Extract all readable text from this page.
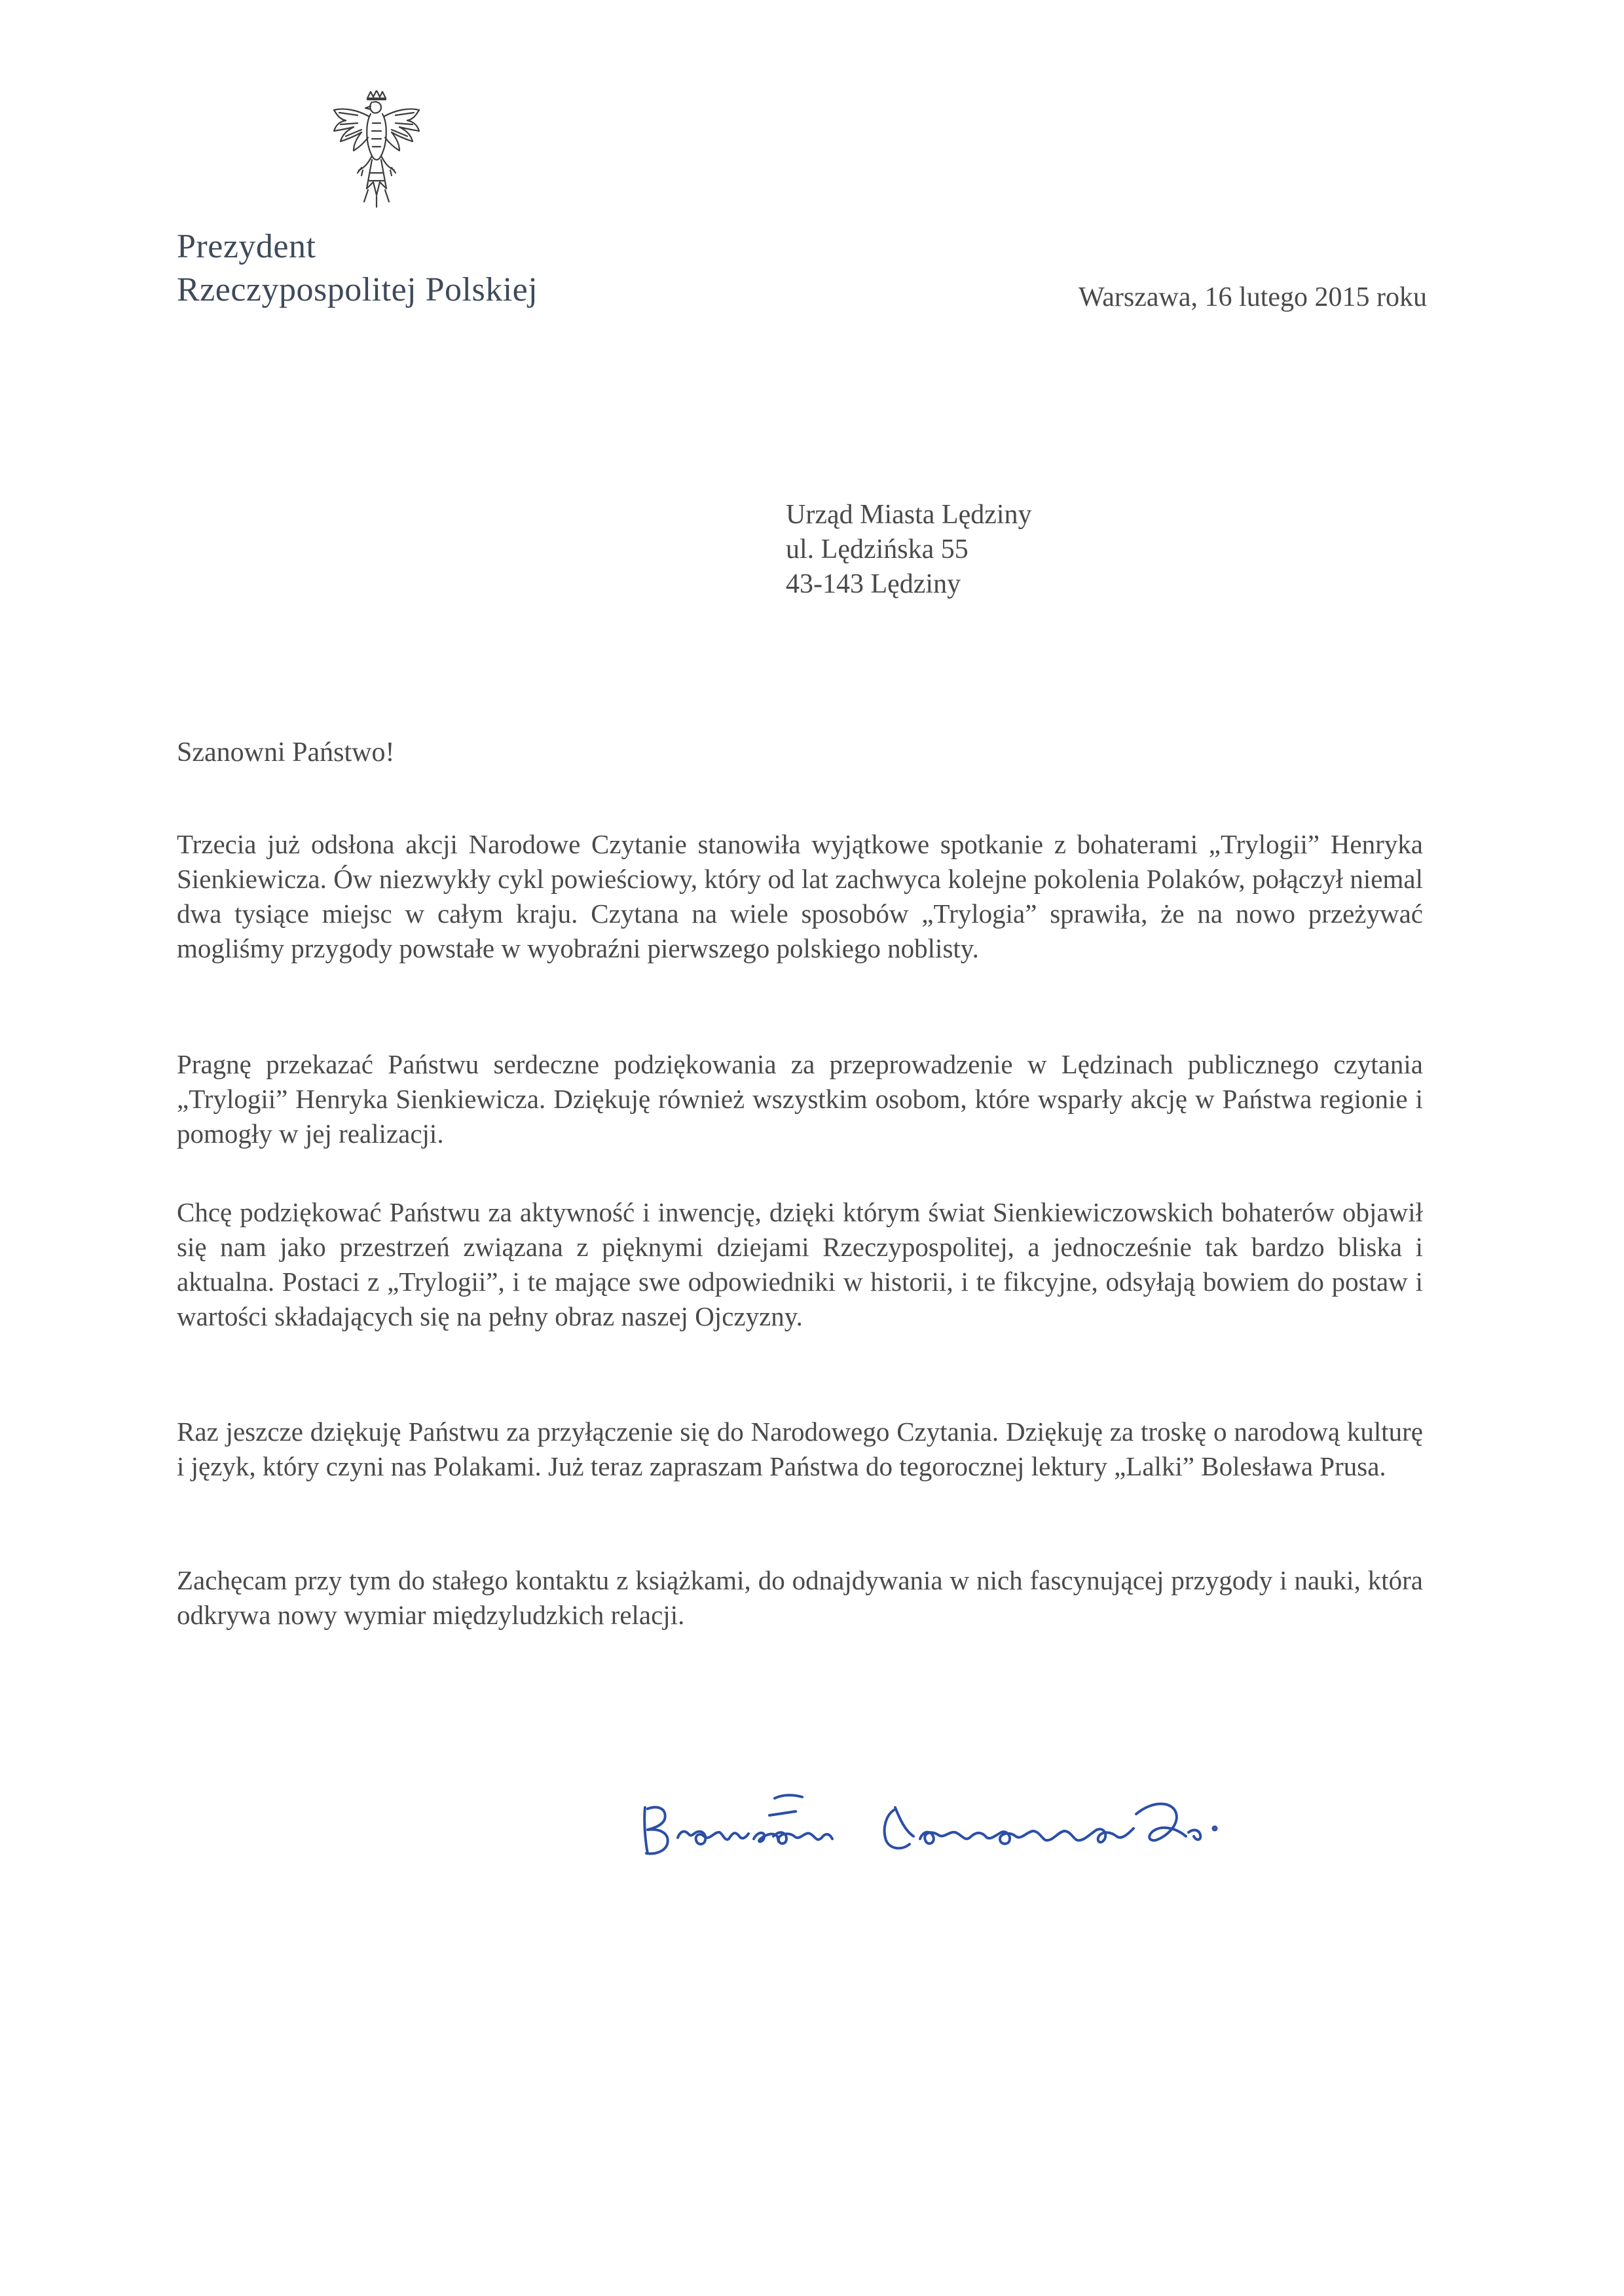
Prezydent
Rzeczypospolitej Polskiej	Warszawa, 16 lutego 2015 roku
Urząd Miasta Lędziny
ul. Lędzińska 55
43-143 Lędziny
Szanowni Państwo!

Trzecia już odsłona akcji Narodowe Czytanie stanowiła wyjątkowe spotkanie z bohaterami „Trylogii” Henryka Sienkiewicza. Ów niezwykły cykl powieściowy, który od lat zachwyca kolejne pokolenia Polaków, połączył niemal dwa tysiące miejsc w całym kraju. Czytana na wiele sposobów „Trylogia” sprawiła, że na nowo przeżywać mogliśmy przygody powstałe w wyobraźni pierwszego polskiego noblisty.

Pragnę przekazać Państwu serdeczne podziękowania za przeprowadzenie w Lędzinach publicznego czytania „Trylogii” Henryka Sienkiewicza. Dziękuję również wszystkim osobom, które wsparły akcję w Państwa regionie i pomogły w jej realizacji.

Chcę podziękować Państwu za aktywność i inwencję, dzięki którym świat Sienkiewiczowskich bohaterów objawił się nam jako przestrzeń związana z pięknymi dziejami Rzeczypospolitej, a jednocześnie tak bardzo bliska i aktualna. Postaci z „Trylogii”, i te mające swe odpowiedniki w historii, i te fikcyjne, odsyłają bowiem do postaw i wartości składających się na pełny obraz naszej Ojczyzny.

Raz jeszcze dziękuję Państwu za przyłączenie się do Narodowego Czytania. Dziękuję za troskę o narodową kulturę i język, który czyni nas Polakami. Już teraz zapraszam Państwa do tegorocznej lektury „Lalki” Bolesława Prusa.

Zachęcam przy tym do stałego kontaktu z książkami, do odnajdywania w nich fascynującej przygody i nauki, która odkrywa nowy wymiar międzyludzkich relacji.
